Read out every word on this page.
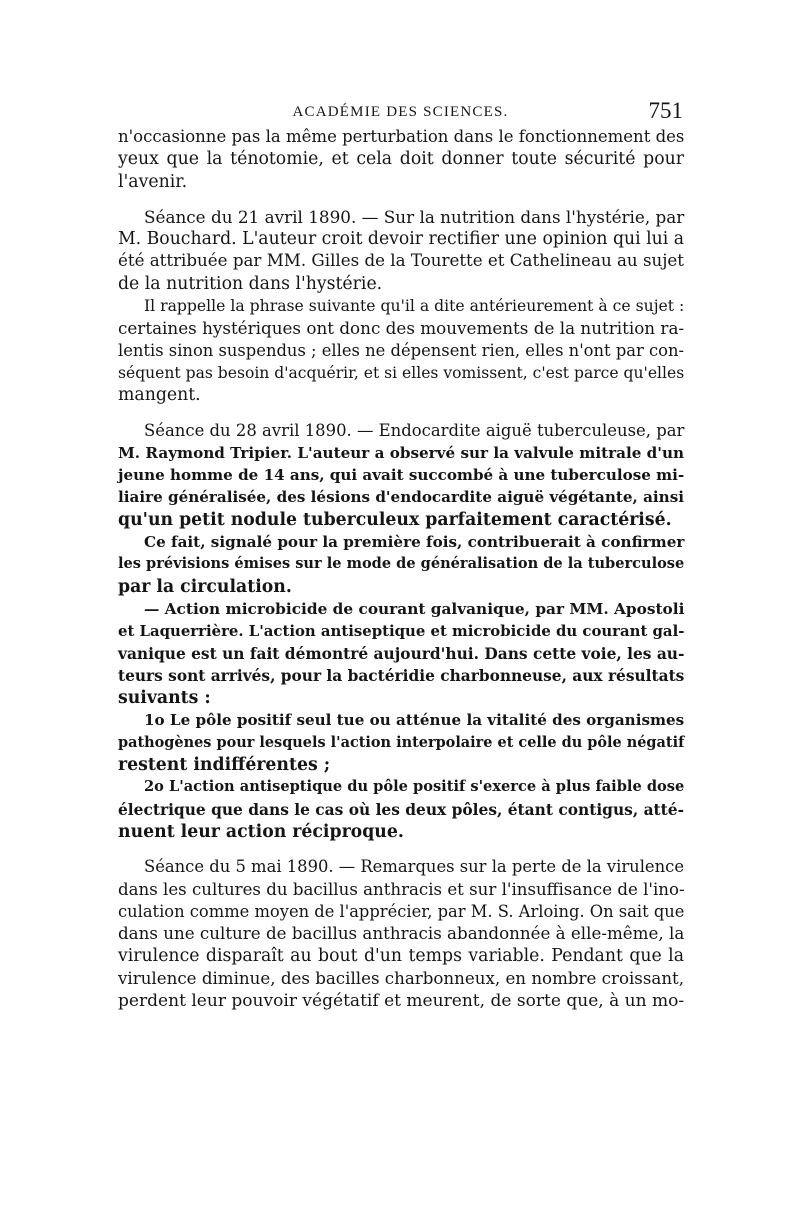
ACADÉMIE DES SCIENCES.	751
n'occasionne pas la même perturbation dans le fonctionnement des
yeux que la ténotomie, et cela doit donner toute sécurité pour
l'avenir.
Séance du 21 avril 1890. — Sur la nutrition dans l'hystérie, par
M. Bouchard. L'auteur croit devoir rectifier une opinion qui lui a
été attribuée par MM. Gilles de la Tourette et Cathelineau au sujet
de la nutrition dans l'hystérie.
Il rappelle la phrase suivante qu'il a dite antérieurement à ce sujet :
certaines hystériques ont donc des mouvements de la nutrition ra-
lentis sinon suspendus ; elles ne dépensent rien, elles n'ont par con-
séquent pas besoin d'acquérir, et si elles vomissent, c'est parce qu'elles
mangent.
Séance du 28 avril 1890. — Endocardite aiguë tuberculeuse, par
M. Raymond Tripier. L'auteur a observé sur la valvule mitrale d'un
jeune homme de 14 ans, qui avait succombé à une tuberculose mi-
liaire généralisée, des lésions d'endocardite aiguë végétante, ainsi
qu'un petit nodule tuberculeux parfaitement caractérisé.
Ce fait, signalé pour la première fois, contribuerait à confirmer
les prévisions émises sur le mode de généralisation de la tuberculose
par la circulation.
— Action microbicide de courant galvanique, par MM. Apostoli
et Laquerrière. L'action antiseptique et microbicide du courant gal-
vanique est un fait démontré aujourd'hui. Dans cette voie, les au-
teurs sont arrivés, pour la bactéridie charbonneuse, aux résultats
suivants :
1o Le pôle positif seul tue ou atténue la vitalité des organismes
pathogènes pour lesquels l'action interpolaire et celle du pôle négatif
restent indifférentes ;
2o L'action antiseptique du pôle positif s'exerce à plus faible dose
électrique que dans le cas où les deux pôles, étant contigus, atté-
nuent leur action réciproque.
Séance du 5 mai 1890. — Remarques sur la perte de la virulence
dans les cultures du bacillus anthracis et sur l'insuffisance de l'ino-
culation comme moyen de l'apprécier, par M. S. Arloing. On sait que
dans une culture de bacillus anthracis abandonnée à elle-même, la
virulence disparaît au bout d'un temps variable. Pendant que la
virulence diminue, des bacilles charbonneux, en nombre croissant,
perdent leur pouvoir végétatif et meurent, de sorte que, à un mo-
